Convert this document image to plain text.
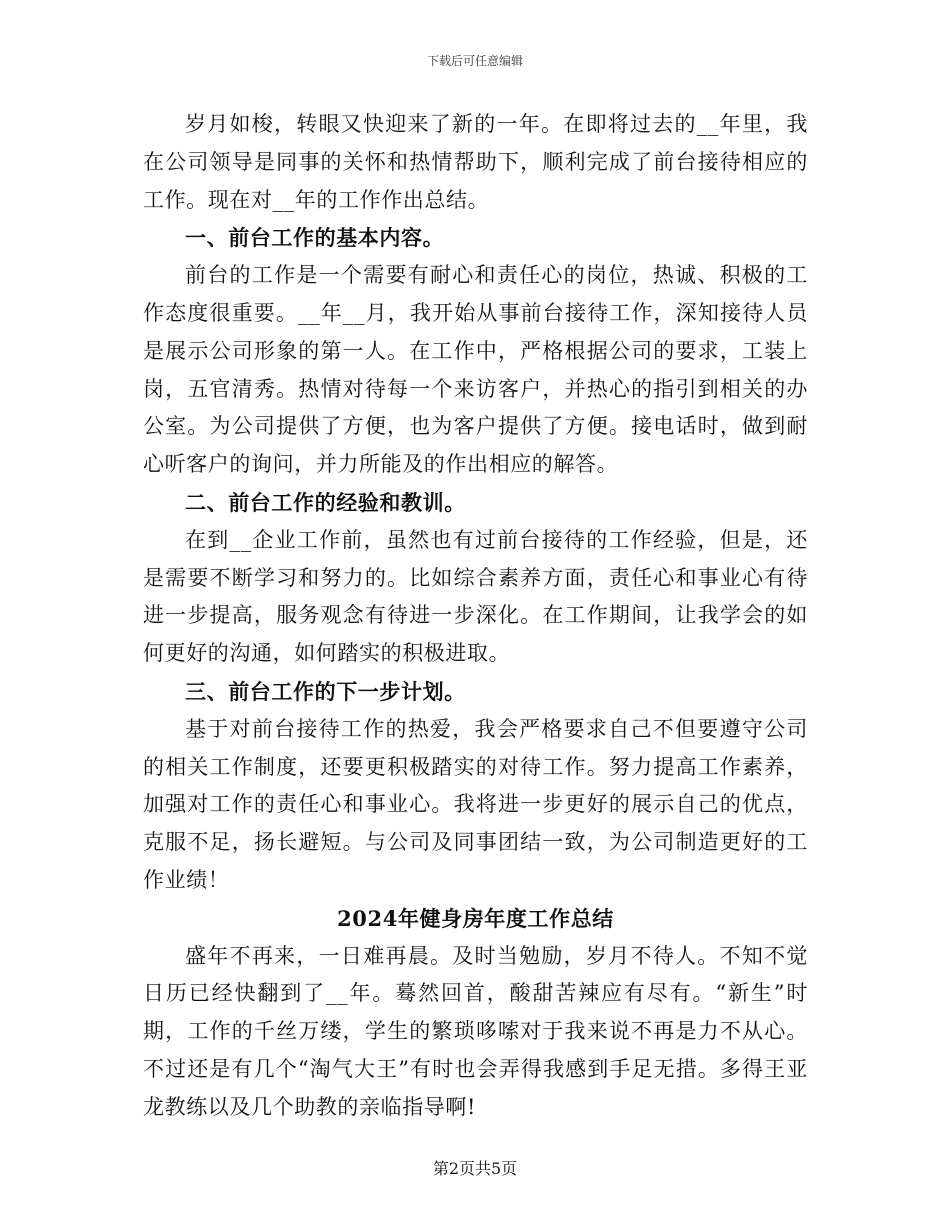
下载后可任意编辑

岁月如梭，转眼又快迎来了新的一年。在即将过去的__年里，我在公司领导是同事的关怀和热情帮助下，顺利完成了前台接待相应的工作。现在对__年的工作作出总结。

一、前台工作的基本内容。

前台的工作是一个需要有耐心和责任心的岗位，热诚、积极的工作态度很重要。__年__月，我开始从事前台接待工作，深知接待人员是展示公司形象的第一人。在工作中，严格根据公司的要求，工装上岗，五官清秀。热情对待每一个来访客户，并热心的指引到相关的办公室。为公司提供了方便，也为客户提供了方便。接电话时，做到耐心听客户的询问，并力所能及的作出相应的解答。

二、前台工作的经验和教训。

在到__企业工作前，虽然也有过前台接待的工作经验，但是，还是需要不断学习和努力的。比如综合素养方面，责任心和事业心有待进一步提高，服务观念有待进一步深化。在工作期间，让我学会的如何更好的沟通，如何踏实的积极进取。

三、前台工作的下一步计划。

基于对前台接待工作的热爱，我会严格要求自己不但要遵守公司的相关工作制度，还要更积极踏实的对待工作。努力提高工作素养，加强对工作的责任心和事业心。我将进一步更好的展示自己的优点，克服不足，扬长避短。与公司及同事团结一致，为公司制造更好的工作业绩！

2024年健身房年度工作总结

盛年不再来，一日难再晨。及时当勉励，岁月不待人。不知不觉日历已经快翻到了__年。蓦然回首，酸甜苦辣应有尽有。“新生”时期，工作的千丝万缕，学生的繁琐哆嗦对于我来说不再是力不从心。不过还是有几个“淘气大王”有时也会弄得我感到手足无措。多得王亚龙教练以及几个助教的亲临指导啊!

第2页共5页
